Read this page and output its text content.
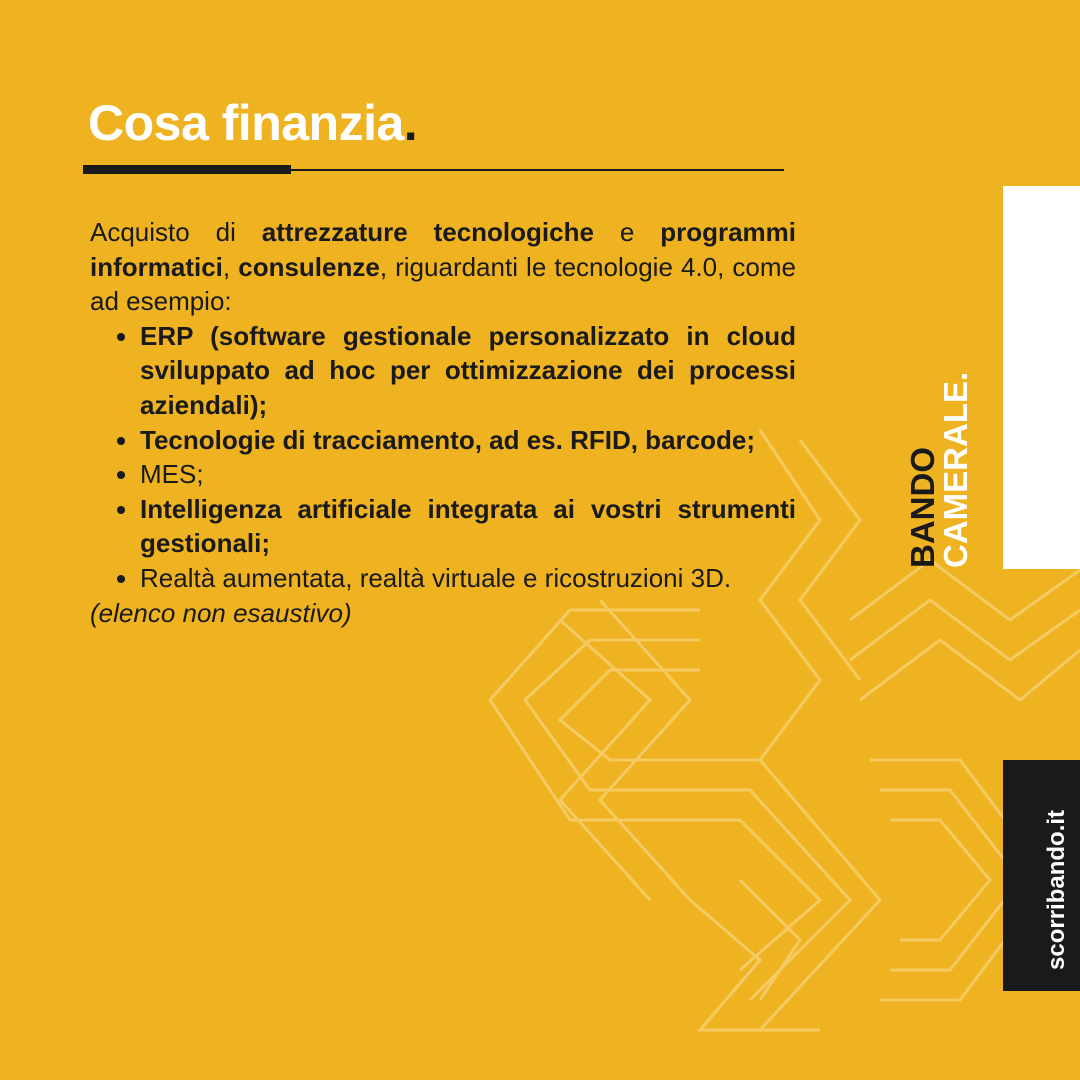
Cosa finanzia.

Acquisto di attrezzature tecnologiche e programmi informatici, consulenze, riguardanti le tecnologie 4.0, come ad esempio:

• ERP (software gestionale personalizzato in cloud sviluppato ad hoc per ottimizzazione dei processi aziendali);
• Tecnologie di tracciamento, ad es. RFID, barcode;
• MES;
• Intelligenza artificiale integrata ai vostri strumenti gestionali;
• Realtà aumentata, realtà virtuale e ricostruzioni 3D.

(elenco non esaustivo)

BANDO
CAMERALE.
scorribando.it
